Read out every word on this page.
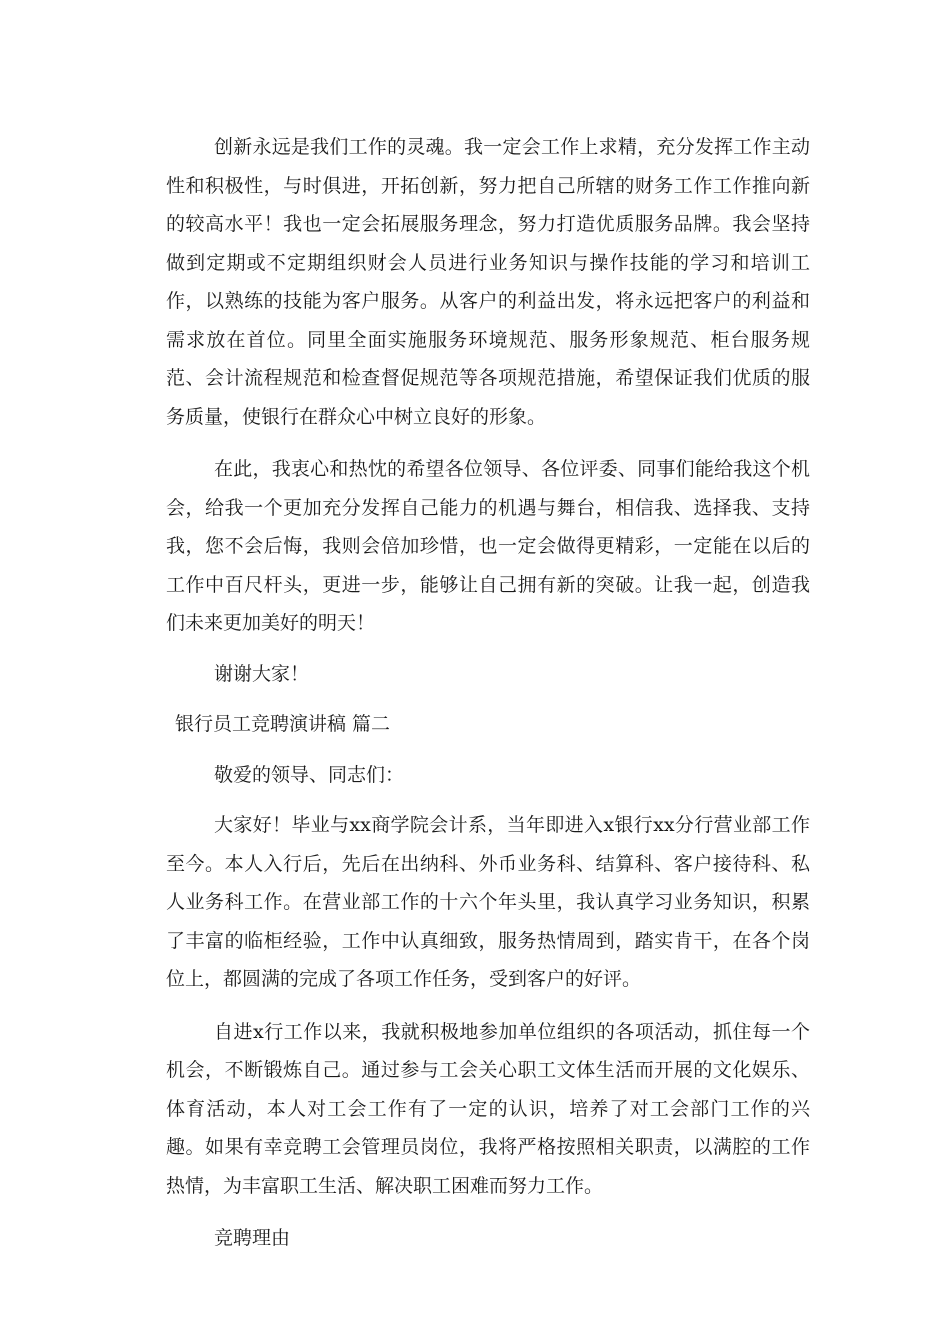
创新永远是我们工作的灵魂。我一定会工作上求精，充分发挥工作主动性和积极性，与时俱进，开拓创新，努力把自己所辖的财务工作工作推向新的较高水平！我也一定会拓展服务理念，努力打造优质服务品牌。我会坚持做到定期或不定期组织财会人员进行业务知识与操作技能的学习和培训工作，以熟练的技能为客户服务。从客户的利益出发，将永远把客户的利益和需求放在首位。同里全面实施服务环境规范、服务形象规范、柜台服务规范、会计流程规范和检查督促规范等各项规范措施，希望保证我们优质的服务质量，使银行在群众心中树立良好的形象。

在此，我衷心和热忱的希望各位领导、各位评委、同事们能给我这个机会，给我一个更加充分发挥自己能力的机遇与舞台，相信我、选择我、支持我，您不会后悔，我则会倍加珍惜，也一定会做得更精彩，一定能在以后的工作中百尺杆头，更进一步，能够让自己拥有新的突破。让我一起，创造我们未来更加美好的明天！

谢谢大家！

银行员工竞聘演讲稿 篇二

敬爱的领导、同志们：

大家好！毕业与xx商学院会计系，当年即进入x银行xx分行营业部工作至今。本人入行后，先后在出纳科、外币业务科、结算科、客户接待科、私人业务科工作。在营业部工作的十六个年头里，我认真学习业务知识，积累了丰富的临柜经验，工作中认真细致，服务热情周到，踏实肯干，在各个岗位上，都圆满的完成了各项工作任务，受到客户的好评。

自进x行工作以来，我就积极地参加单位组织的各项活动，抓住每一个机会，不断锻炼自己。通过参与工会关心职工文体生活而开展的文化娱乐、体育活动，本人对工会工作有了一定的认识，培养了对工会部门工作的兴趣。如果有幸竞聘工会管理员岗位，我将严格按照相关职责，以满腔的工作热情，为丰富职工生活、解决职工困难而努力工作。

竞聘理由
